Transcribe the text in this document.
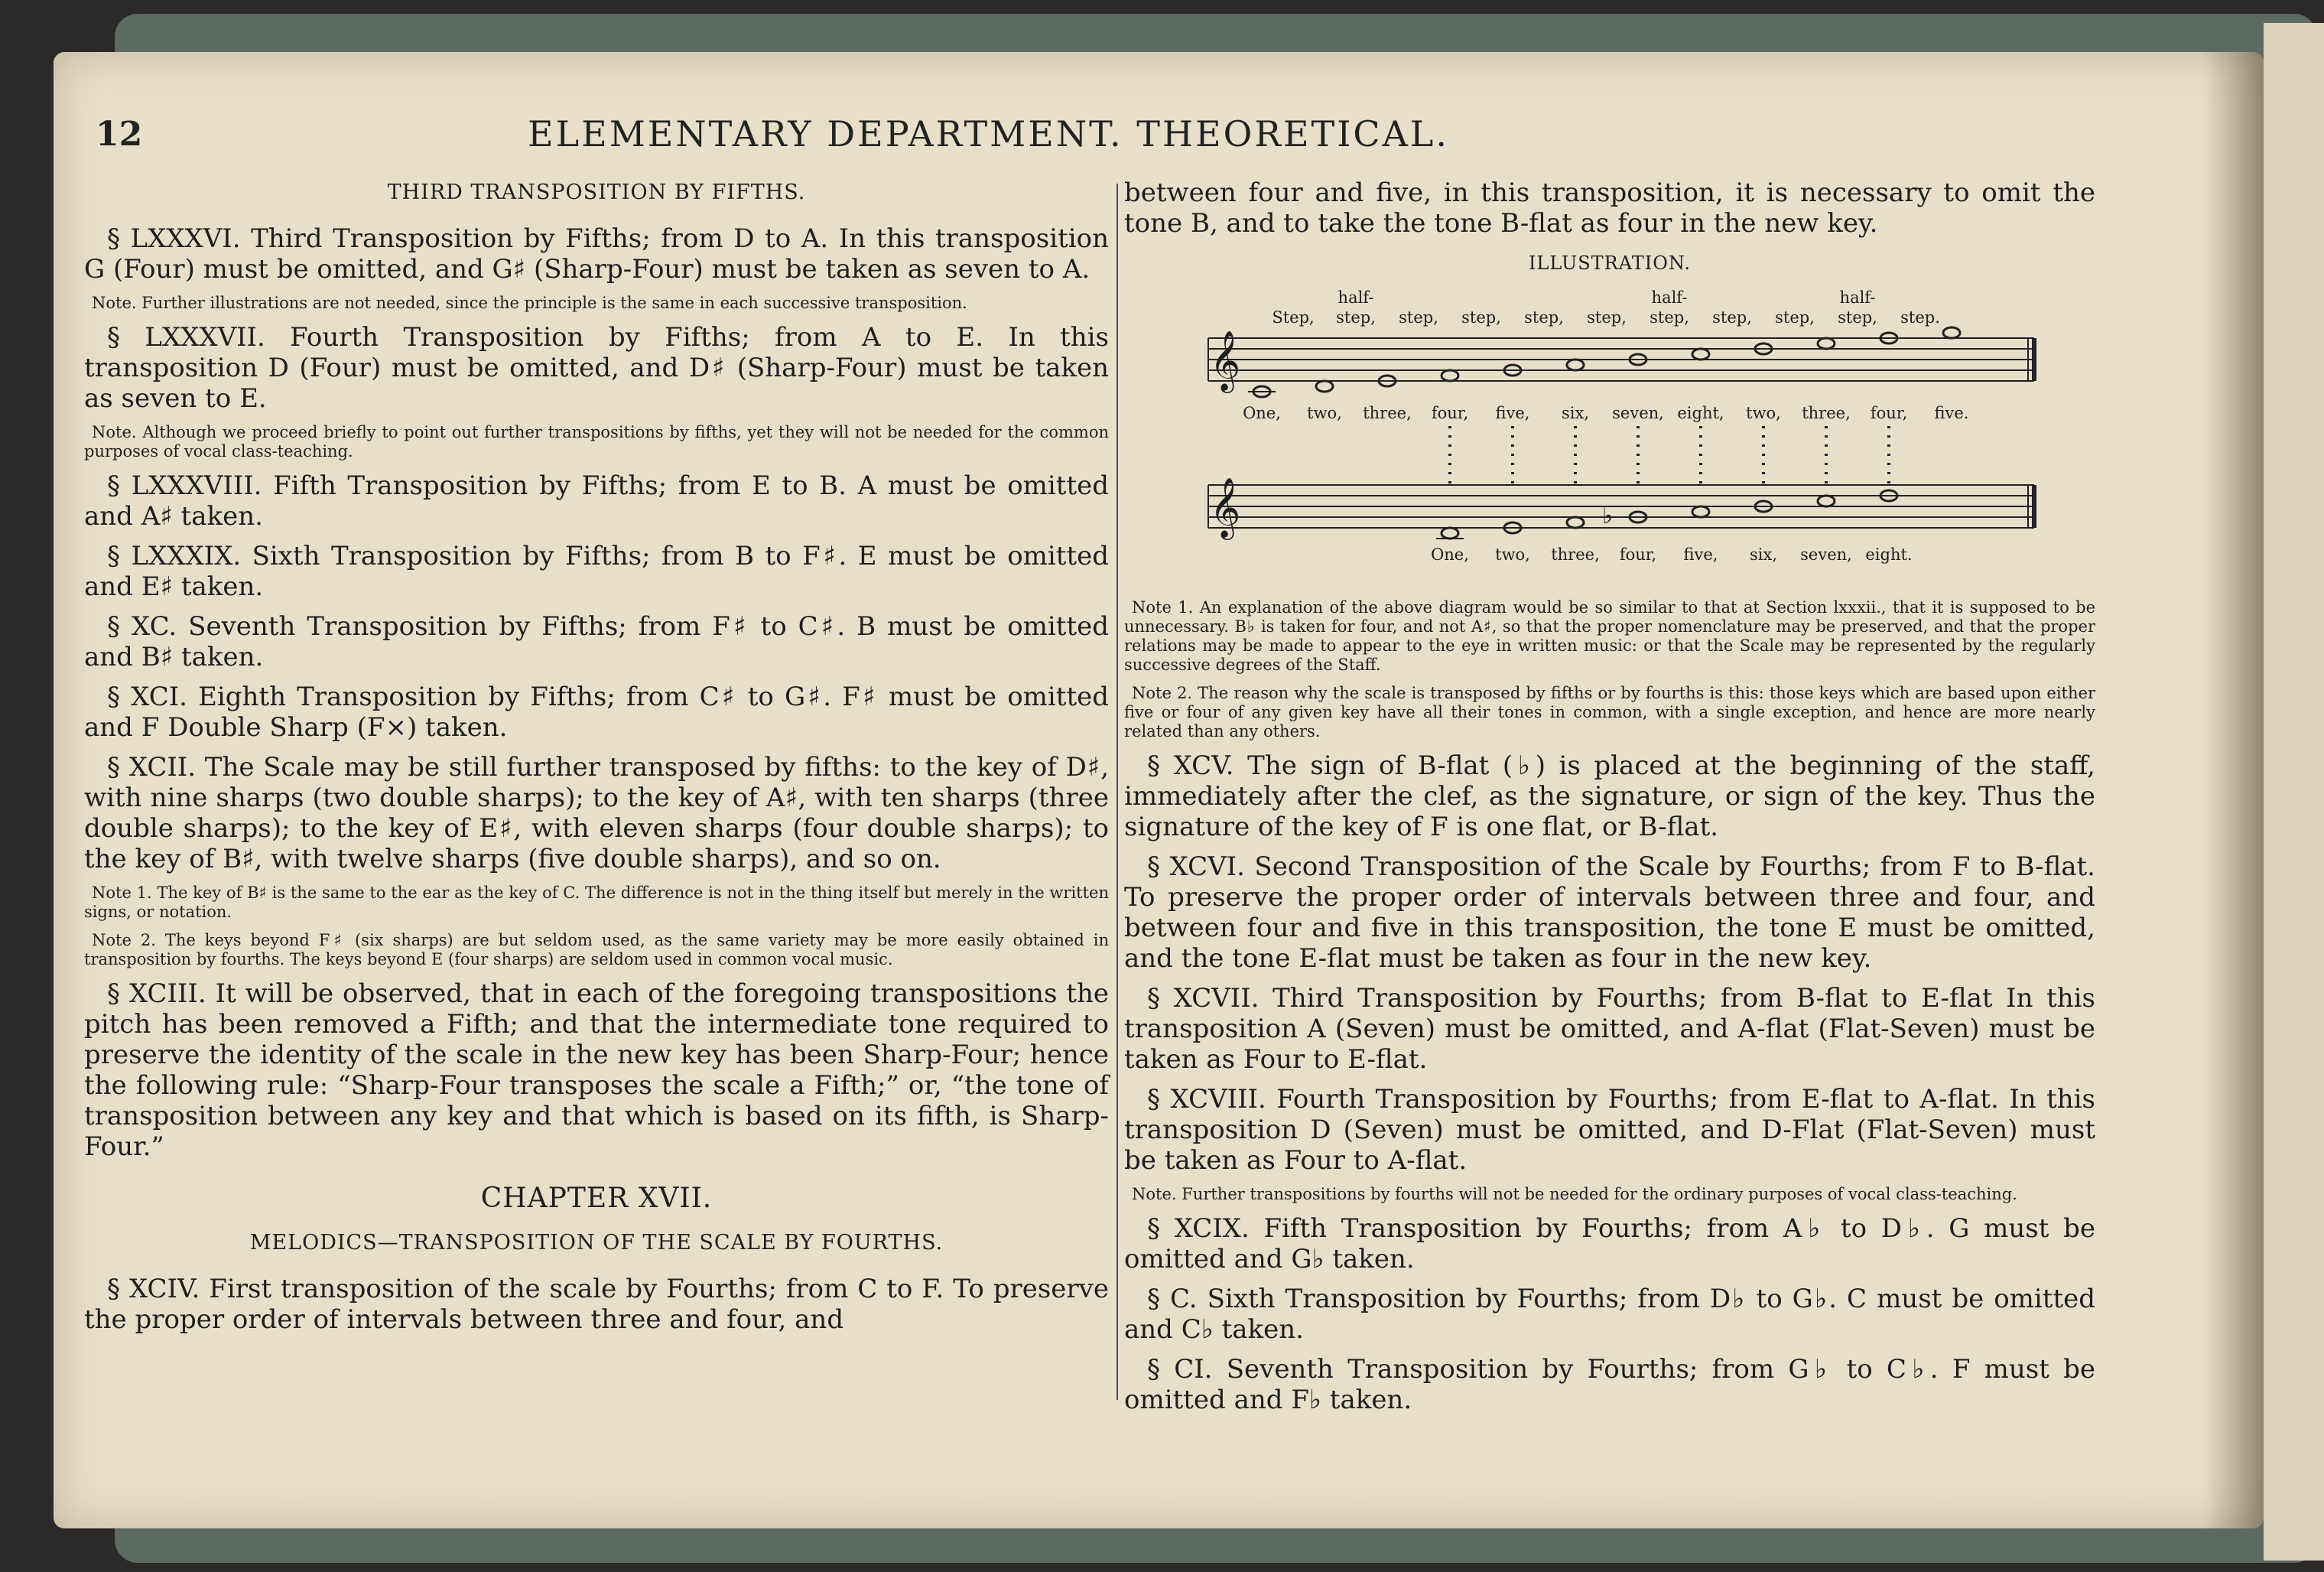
12	ELEMENTARY DEPARTMENT. THEORETICAL.
THIRD TRANSPOSITION BY FIFTHS.

§ LXXXVI. Third Transposition by Fifths; from D to A. In this transposition G (Four) must be omitted, and G♯ (Sharp-Four) must be taken as seven to A.

Note. Further illustrations are not needed, since the principle is the same in each successive transposition.

§ LXXXVII. Fourth Transposition by Fifths; from A to E. In this transposition D (Four) must be omitted, and D♯ (Sharp-Four) must be taken as seven to E.

Note. Although we proceed briefly to point out further transpositions by fifths, yet they will not be needed for the common purposes of vocal class-teaching.

§ LXXXVIII. Fifth Transposition by Fifths; from E to B. A must be omitted and A♯ taken.

§ LXXXIX. Sixth Transposition by Fifths; from B to F♯. E must be omitted and E♯ taken.

§ XC. Seventh Transposition by Fifths; from F♯ to C♯. B must be omitted and B♯ taken.

§ XCI. Eighth Transposition by Fifths; from C♯ to G♯. F♯ must be omitted and F Double Sharp (F×) taken.

§ XCII. The Scale may be still further transposed by fifths: to the key of D♯, with nine sharps (two double sharps); to the key of A♯, with ten sharps (three double sharps); to the key of E♯, with eleven sharps (four double sharps); to the key of B♯, with twelve sharps (five double sharps), and so on.

Note 1. The key of B♯ is the same to the ear as the key of C. The difference is not in the thing itself but merely in the written signs, or notation.

Note 2. The keys beyond F♯ (six sharps) are but seldom used, as the same variety may be more easily obtained in transposition by fourths. The keys beyond E (four sharps) are seldom used in common vocal music.

§ XCIII. It will be observed, that in each of the foregoing transpositions the pitch has been removed a Fifth; and that the intermediate tone required to preserve the identity of the scale in the new key has been Sharp-Four; hence the following rule: “Sharp-Four transposes the scale a Fifth;” or, “the tone of transposition between any key and that which is based on its fifth, is Sharp-Four.”

CHAPTER XVII.
MELODICS—TRANSPOSITION OF THE SCALE BY FOURTHS.

§ XCIV. First transposition of the scale by Fourths; from C to F. To preserve the proper order of intervals between three and four, and

between four and five, in this transposition, it is necessary to omit the tone B, and to take the tone B-flat as four in the new key.

ILLUSTRATION.
Step,
half-
step, step, step, step, step,
half-
step, step, step,
half-
step, step.
𝄞
One, two, three, four, five, six, seven, eight, two, three, four, five.
𝄞	♭
One, two, three, four, five, six, seven, eight.

Note 1. An explanation of the above diagram would be so similar to that at Section lxxxii., that it is supposed to be unnecessary. B♭ is taken for four, and not A♯, so that the proper nomenclature may be preserved, and that the proper relations may be made to appear to the eye in written music: or that the Scale may be represented by the regularly successive degrees of the Staff.

Note 2. The reason why the scale is transposed by fifths or by fourths is this: those keys which are based upon either five or four of any given key have all their tones in common, with a single exception, and hence are more nearly related than any others.

§ XCV. The sign of B-flat (♭) is placed at the beginning of the staff, immediately after the clef, as the signature, or sign of the key. Thus the signature of the key of F is one flat, or B-flat.

§ XCVI. Second Transposition of the Scale by Fourths; from F to B-flat. To preserve the proper order of intervals between three and four, and between four and five in this transposition, the tone E must be omitted, and the tone E-flat must be taken as four in the new key.

§ XCVII. Third Transposition by Fourths; from B-flat to E-flat In this transposition A (Seven) must be omitted, and A-flat (Flat-Seven) must be taken as Four to E-flat.

§ XCVIII. Fourth Transposition by Fourths; from E-flat to A-flat. In this transposition D (Seven) must be omitted, and D-Flat (Flat-Seven) must be taken as Four to A-flat.

Note. Further transpositions by fourths will not be needed for the ordinary purposes of vocal class-teaching.

§ XCIX. Fifth Transposition by Fourths; from A♭ to D♭. G must be omitted and G♭ taken.

§ C. Sixth Transposition by Fourths; from D♭ to G♭. C must be omitted and C♭ taken.

§ CI. Seventh Transposition by Fourths; from G♭ to C♭. F must be omitted and F♭ taken.
